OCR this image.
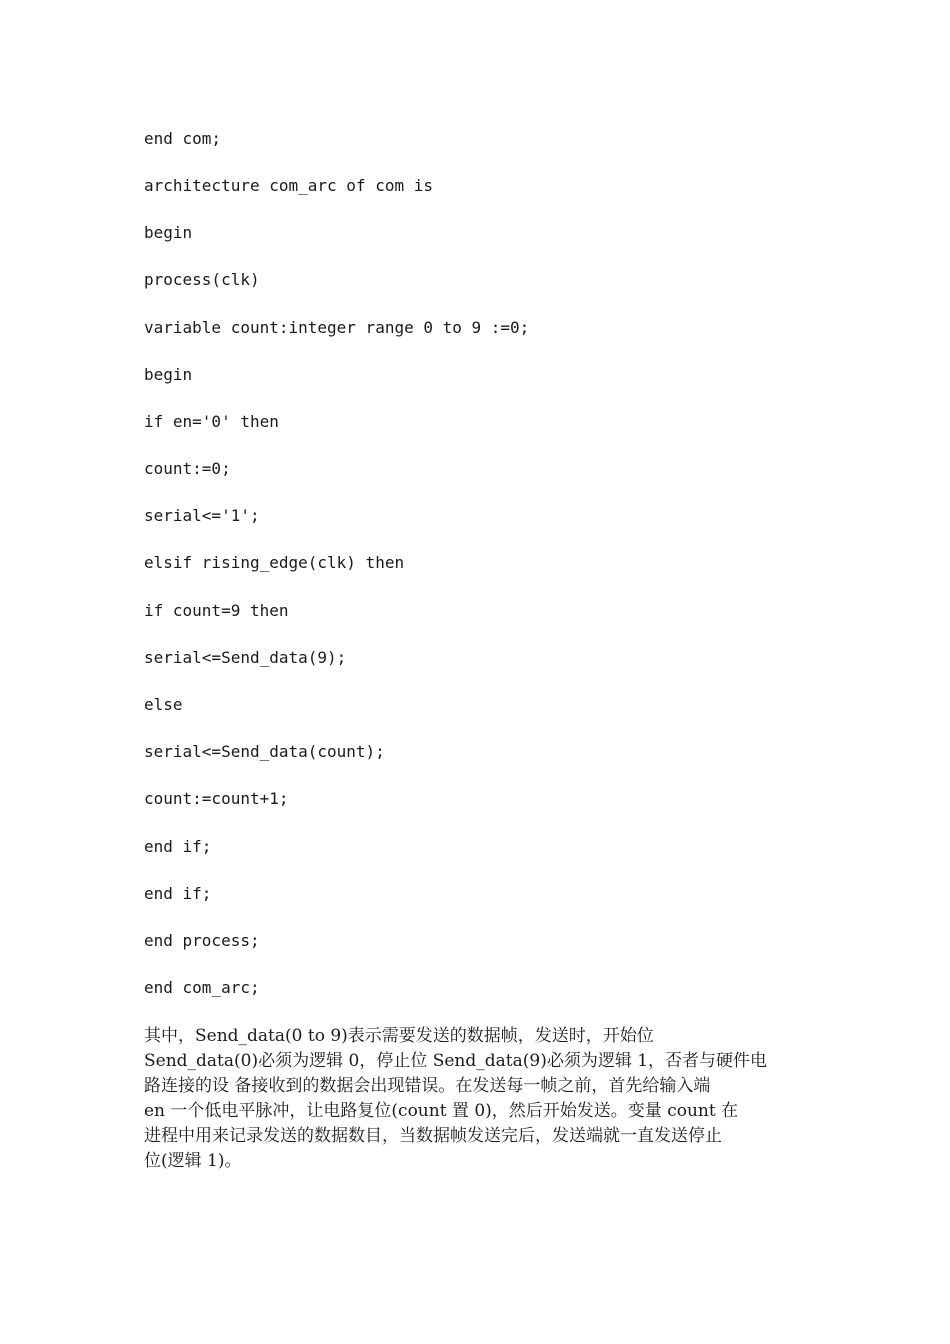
end com;
architecture com_arc of com is
begin
process(clk)
variable count:integer range 0 to 9 :=0;
begin
if en='0' then
count:=0;
serial<='1';
elsif rising_edge(clk) then
if count=9 then
serial<=Send_data(9);
else
serial<=Send_data(count);
count:=count+1;
end if;
end if;
end process;
end com_arc;
其中，Send_data(0 to 9)表示需要发送的数据帧，发送时，开始位
Send_data(0)必须为逻辑 0，停止位 Send_data(9)必须为逻辑 1，否者与硬件电
路连接的设 备接收到的数据会出现错误。在发送每一帧之前，首先给输入端
en 一个低电平脉冲，让电路复位(count 置 0)，然后开始发送。变量 count 在
进程中用来记录发送的数据数目，当数据帧发送完后，发送端就一直发送停止
位(逻辑 1)。
